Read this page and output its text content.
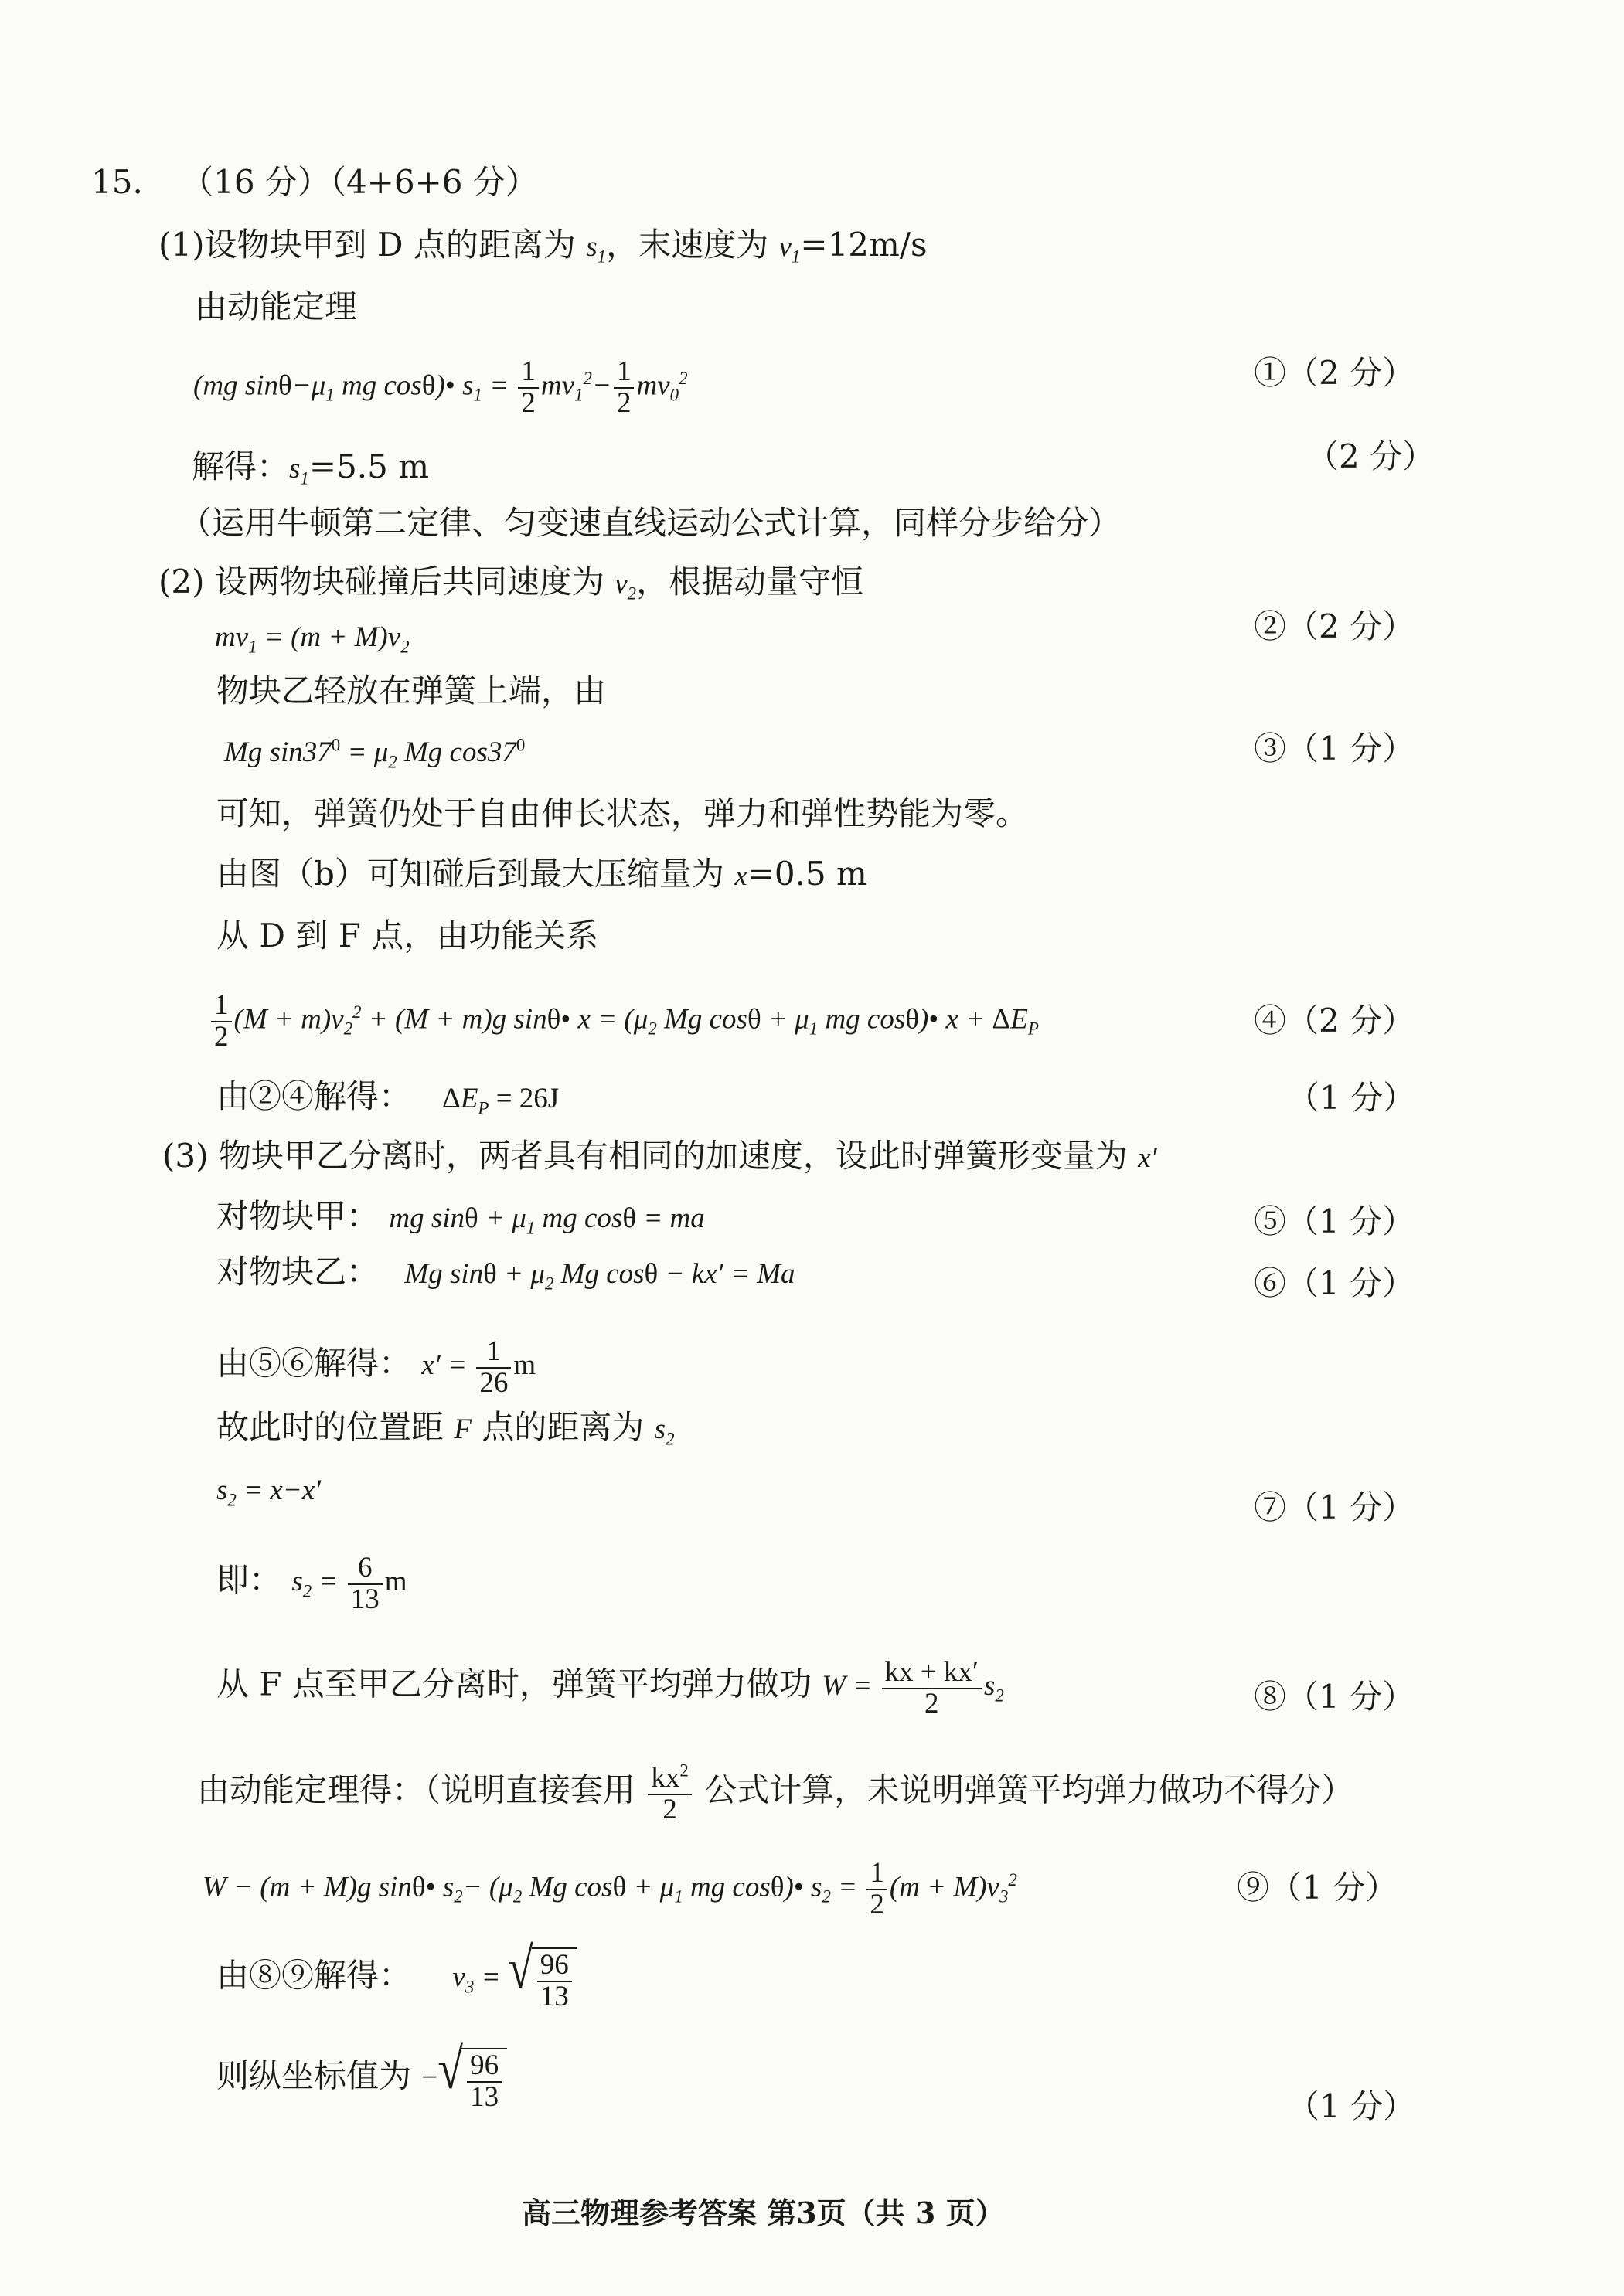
15. （16 分）（4+6+6 分）
(1)设物块甲到 D 点的距离为 $s_1$，末速度为 $v_1=12m/s$
由动能定理
(mg $\sin\theta-\mu_1$ mg cosθ)• $s_1 = \frac{1}{2} mv_1^2- \frac{1}{2} mv_0^2$	①（2 分）
解得：$s_1=5.5$ m	（2 分）
（运用牛顿第二定律、匀变速直线运动公式计算，同样分步给分）
(2) 设两物块碰撞后共同速度为 $v_2$，根据动量守恒
$mv_1 = (m + M)v_2$
②（2 分）
物块乙轻放在弹簧上端，由
Mg $\sin 37^0 = \mu_2$ Mg $\cos 37^0$	③（1 分）
可知，弹簧仍处于自由伸长状态，弹力和弹性势能为零。
由图（b）可知碰后到最大压缩量为 x=0.5 m
从 D 到 F 点，由功能关系
$\frac{1}{2} (M + m)v_2^2 + (M + m)g$ sinθ• $x = (\mu_2$ Mg $\cos\theta + \mu_1$ mg cosθ)• $x + \Delta E_P$	④（2 分）
由②④解得： $\Delta E_P = 26J$	（1 分）
(3) 物块甲乙分离时，两者具有相同的加速度，设此时弹簧形变量为 x′
对物块甲： mg $\sin\theta + \mu_1$ mg cosθ = ma	⑤（1 分）
对物块乙： Mg $\sin\theta + \mu_2$ Mg cosθ − kx′ = Ma	⑥（1 分）
由⑤⑥解得： $x' = \frac{1}{26}$ m
故此时的位置距 F 点的距离为 $s_2$
$s_2 = x-x'$	⑦（1 分）
即： $s_2 = \frac{6}{13}$ m
从 F 点至甲乙分离时，弹簧平均弹力做功 $W = \frac{kx + kx'}{2} s_2$	⑧（1 分）
由动能定理得：（说明直接套用 $\frac{kx^2}{2}$ 公式计算，未说明弹簧平均弹力做功不得分）
W − (m + M)g sinθ• $s_2- (\mu_2$ Mg $\cos\theta + \mu_1$ mg cosθ)• $s_2 = \frac{1}{2} (m + M)v_3^2$	⑨（1 分）
由⑧⑨解得： $v_3$ = √ $\frac{96}{13}$
则纵坐标值为 − √ $\frac{96}{13}$	（1 分）
高三物理参考答案 第3页（共 3 页）
